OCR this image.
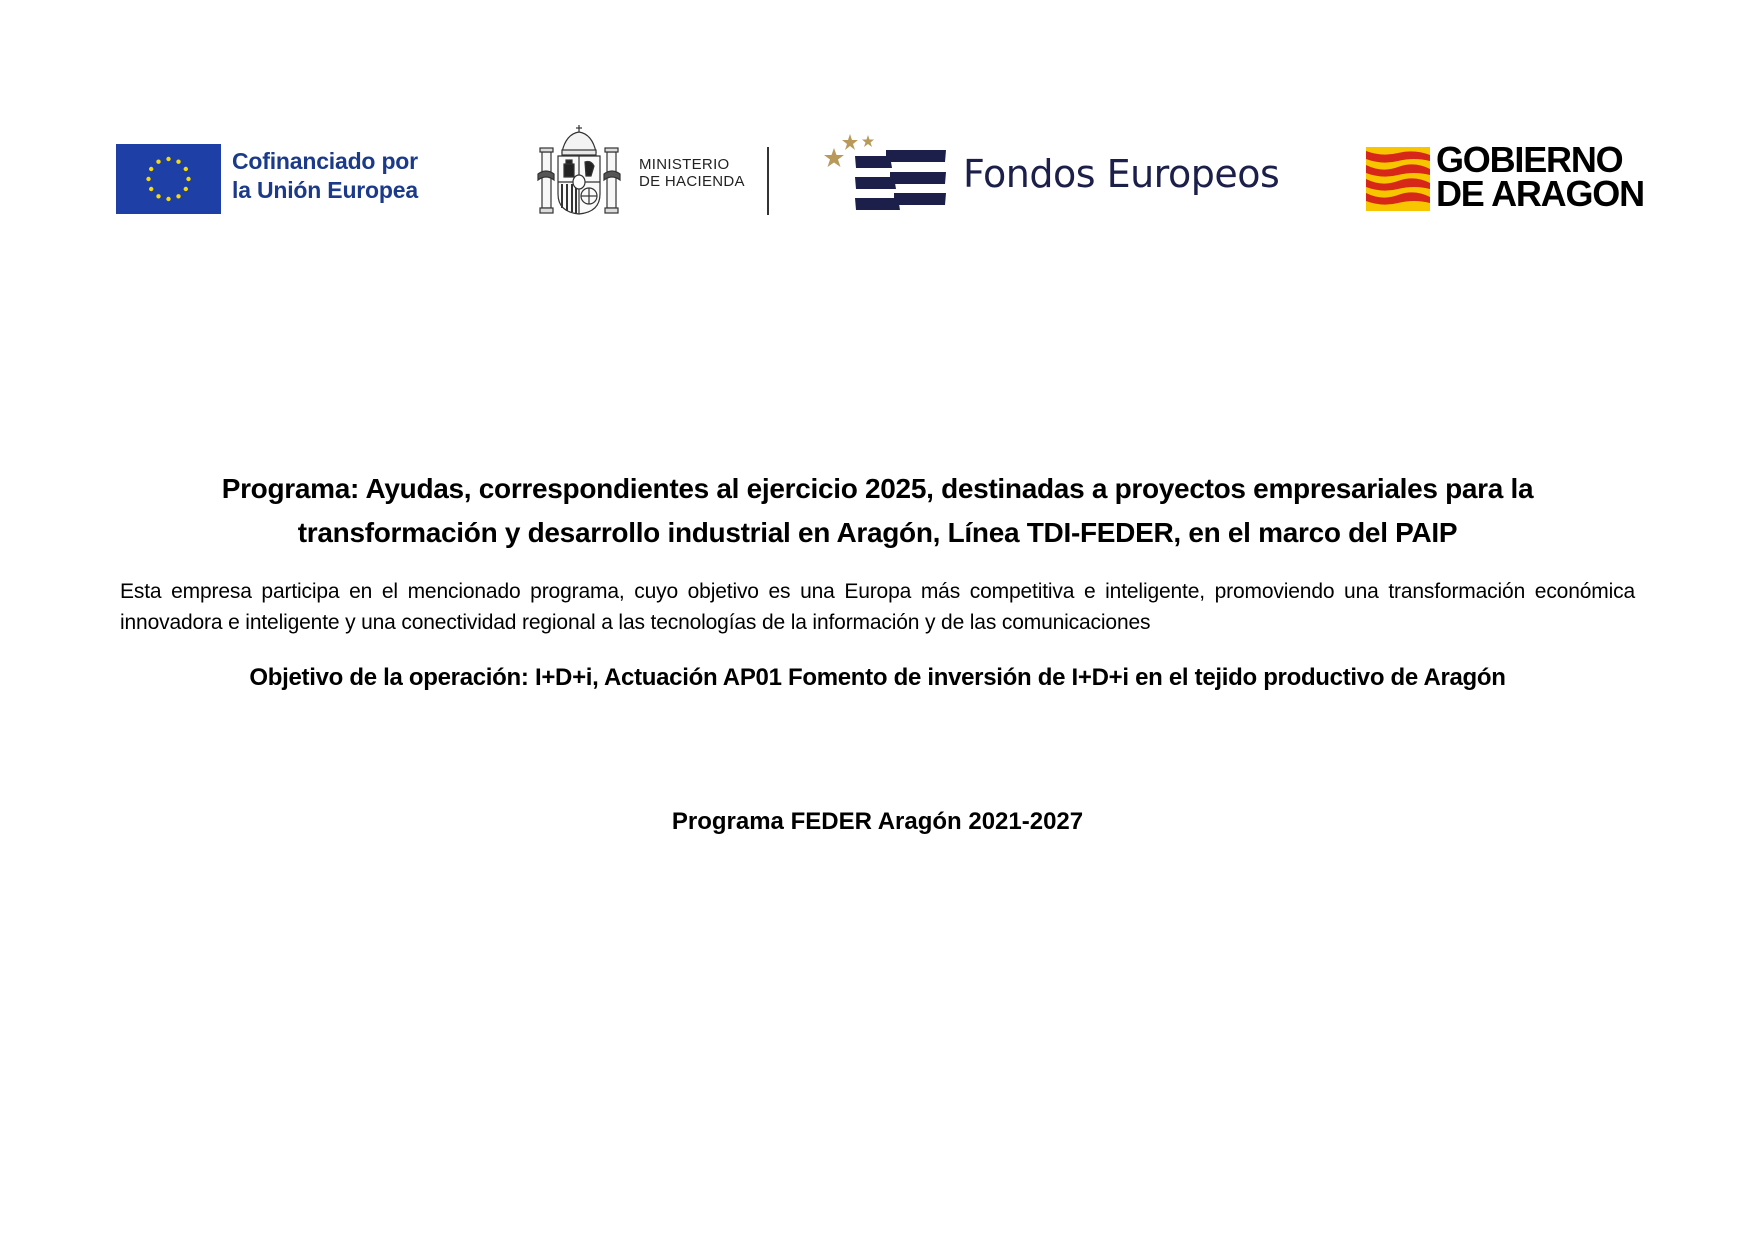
Cofinanciado por
la Unión Europea
MINISTERIO
DE HACIENDA	Fondos Europeos	GOBIERNO
DE ARAGON
Programa: Ayudas, correspondientes al ejercicio 2025, destinadas a proyectos empresariales para la
transformación y desarrollo industrial en Aragón, Línea TDI-FEDER, en el marco del PAIP
Esta empresa participa en el mencionado programa, cuyo objetivo es una Europa más competitiva e inteligente, promoviendo una transformación económica innovadora e inteligente y una conectividad regional a las tecnologías de la información y de las comunicaciones
Objetivo de la operación: I+D+i, Actuación AP01 Fomento de inversión de I+D+i en el tejido productivo de Aragón
Programa FEDER Aragón 2021-2027
